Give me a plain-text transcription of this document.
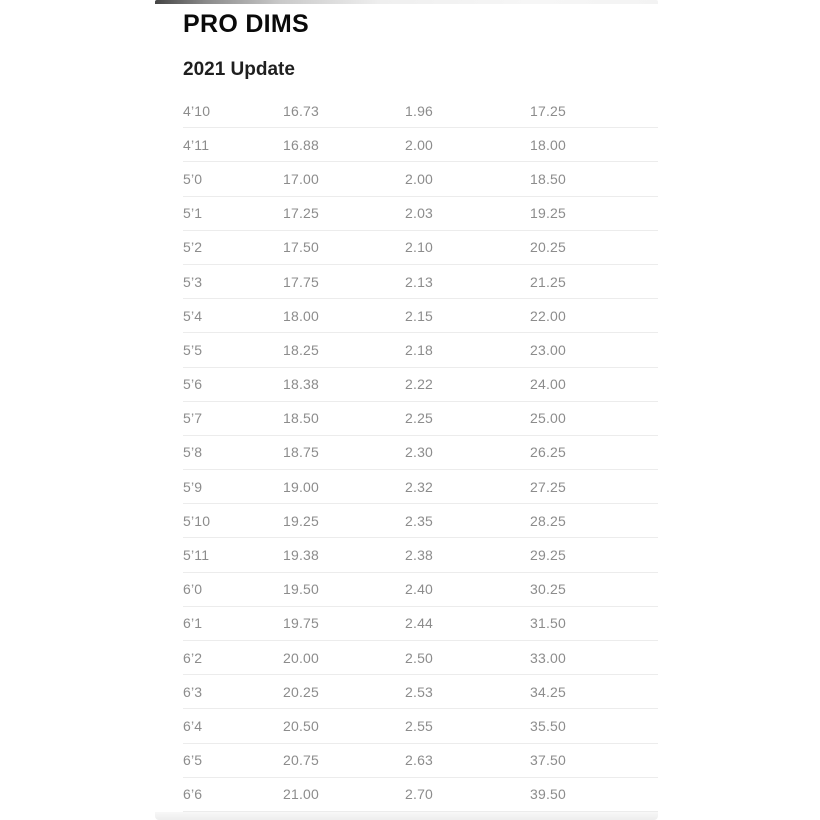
PRO DIMS
2021 Update
4’10	16.73	1.96	17.25
4’11	16.88	2.00	18.00
5’0	17.00	2.00	18.50
5’1	17.25	2.03	19.25
5’2	17.50	2.10	20.25
5’3	17.75	2.13	21.25
5’4	18.00	2.15	22.00
5’5	18.25	2.18	23.00
5’6	18.38	2.22	24.00
5’7	18.50	2.25	25.00
5’8	18.75	2.30	26.25
5’9	19.00	2.32	27.25
5’10	19.25	2.35	28.25
5’11	19.38	2.38	29.25
6’0	19.50	2.40	30.25
6’1	19.75	2.44	31.50
6’2	20.00	2.50	33.00
6’3	20.25	2.53	34.25
6’4	20.50	2.55	35.50
6’5	20.75	2.63	37.50
6’6	21.00	2.70	39.50
